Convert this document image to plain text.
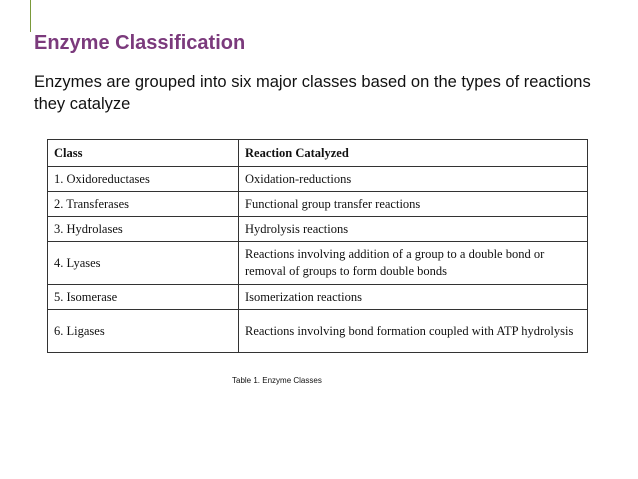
Enzyme Classification
Enzymes are grouped into six major classes based on the types of reactions they catalyze
Class	Reaction Catalyzed
1. Oxidoreductases	Oxidation-reductions
2. Transferases	Functional group transfer reactions
3. Hydrolases	Hydrolysis reactions
4. Lyases	Reactions involving addition of a group to a double bond or removal of groups to form double bonds
5. Isomerase	Isomerization reactions
6. Ligases	Reactions involving bond formation coupled with ATP hydrolysis
Table 1. Enzyme Classes
